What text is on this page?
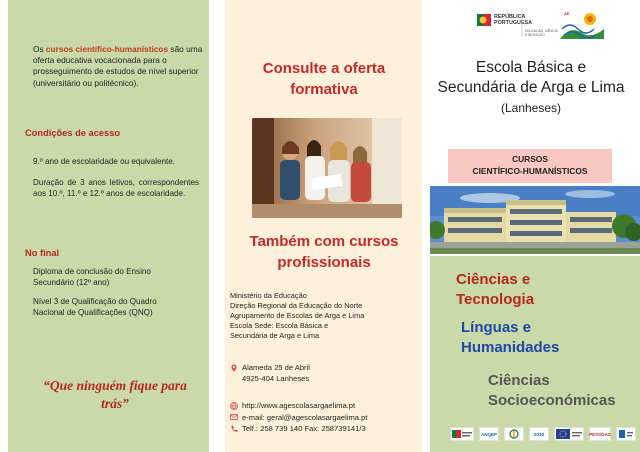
Os cursos científico-humanísticos são uma oferta educativa vocacionada para o prosseguimento de estudos de nível superior (universitário ou politécnico).
Condições de acesso
9.º ano de escolaridade ou equivalente.
Duração de 3 anos letivos, correspondentes aos 10.º, 11.º e 12.º anos de escolaridade.
No final
Diploma de conclusão do Ensino Secundário (12º ano)
Nível 3 de Qualificação do Quadro Nacional de Qualificações (QNQ)
“Que ninguém fique para trás”
Consulte a oferta formativa
Também com cursos profissionais
Ministério da Educação
Direção Regional da Educação do Norte
Agrupamento de Escolas de Arga e Lima
Escola Sede: Escola Básica e
Secundária de Arga e Lima
Alameda 25 de Abril
4925-404 Lanheses
http://www.agescolasargaelima.pt
e-mail: geral@agescolasargaelima.pt
Telf.: 258 739 140 Fax: 258739141/3
REPÚBLICA
PORTUGUESA
EDUCAÇÃO, CIÊNCIA
E INOVAÇÃO
AE
Escola Básica e
Secundária de Arga e Lima
(Lanheses)
CURSOS
CIENTÍFICO-HUMANÍSTICOS
Ciências e Tecnologia
Línguas e Humanidades
Ciências Socioeconómicas
ANQEP	2030	PESSOAS
